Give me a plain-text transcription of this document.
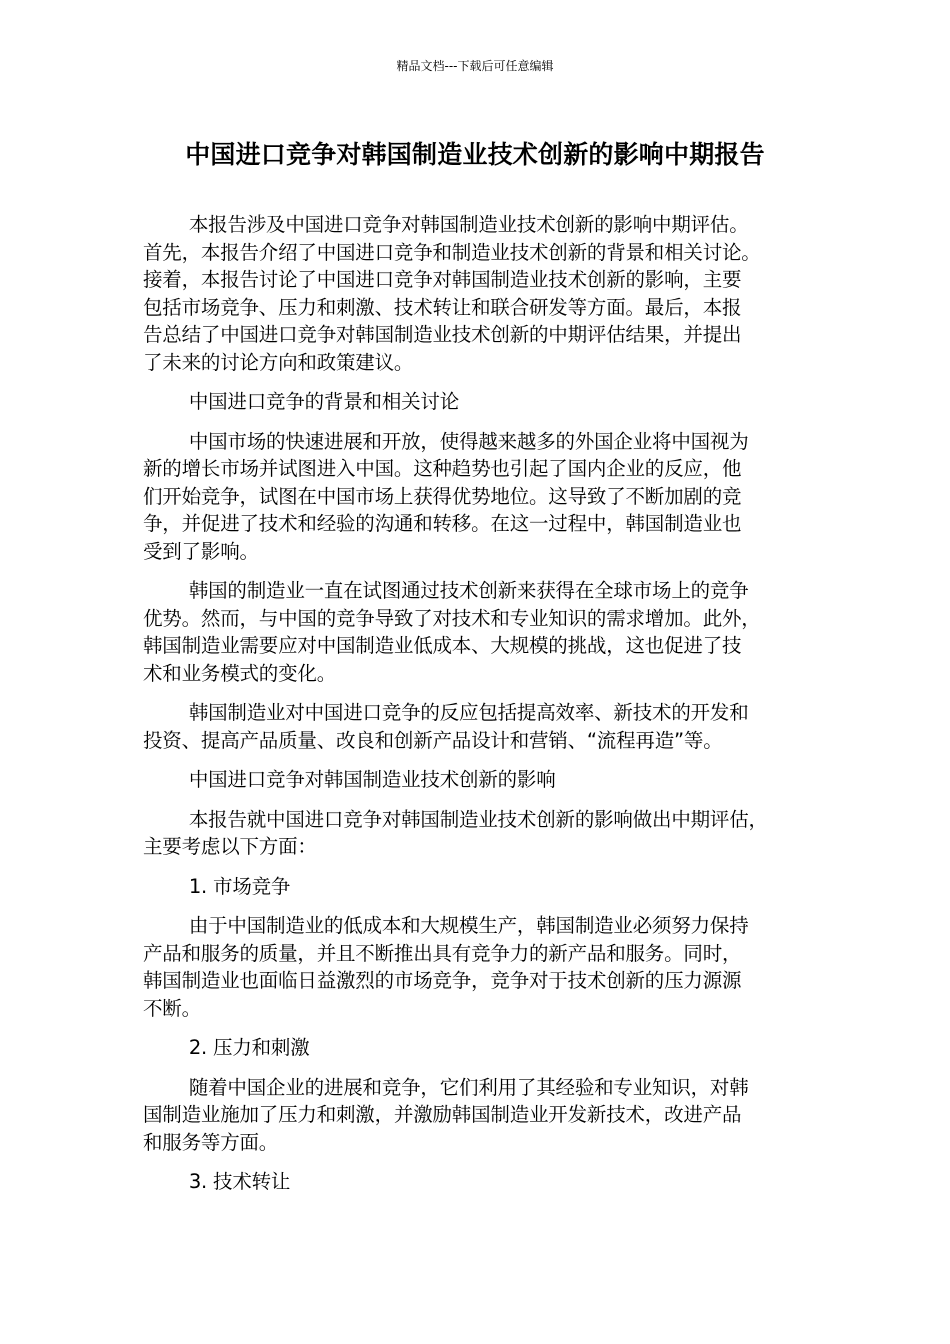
精品文档---下载后可任意编辑
中国进口竞争对韩国制造业技术创新的影响中期报告

本报告涉及中国进口竞争对韩国制造业技术创新的影响中期评估。
首先，本报告介绍了中国进口竞争和制造业技术创新的背景和相关讨论。
接着，本报告讨论了中国进口竞争对韩国制造业技术创新的影响，主要
包括市场竞争、压力和刺激、技术转让和联合研发等方面。最后，本报
告总结了中国进口竞争对韩国制造业技术创新的中期评估结果，并提出
了未来的讨论方向和政策建议。

中国进口竞争的背景和相关讨论

中国市场的快速进展和开放，使得越来越多的外国企业将中国视为
新的增长市场并试图进入中国。这种趋势也引起了国内企业的反应，他
们开始竞争，试图在中国市场上获得优势地位。这导致了不断加剧的竞
争，并促进了技术和经验的沟通和转移。在这一过程中，韩国制造业也
受到了影响。

韩国的制造业一直在试图通过技术创新来获得在全球市场上的竞争
优势。然而，与中国的竞争导致了对技术和专业知识的需求增加。此外，
韩国制造业需要应对中国制造业低成本、大规模的挑战，这也促进了技
术和业务模式的变化。

韩国制造业对中国进口竞争的反应包括提高效率、新技术的开发和
投资、提高产品质量、改良和创新产品设计和营销、“流程再造”等。

中国进口竞争对韩国制造业技术创新的影响

本报告就中国进口竞争对韩国制造业技术创新的影响做出中期评估，
主要考虑以下方面：

1. 市场竞争

由于中国制造业的低成本和大规模生产，韩国制造业必须努力保持
产品和服务的质量，并且不断推出具有竞争力的新产品和服务。同时，
韩国制造业也面临日益激烈的市场竞争，竞争对于技术创新的压力源源
不断。

2. 压力和刺激

随着中国企业的进展和竞争，它们利用了其经验和专业知识，对韩
国制造业施加了压力和刺激，并激励韩国制造业开发新技术，改进产品
和服务等方面。

3. 技术转让
